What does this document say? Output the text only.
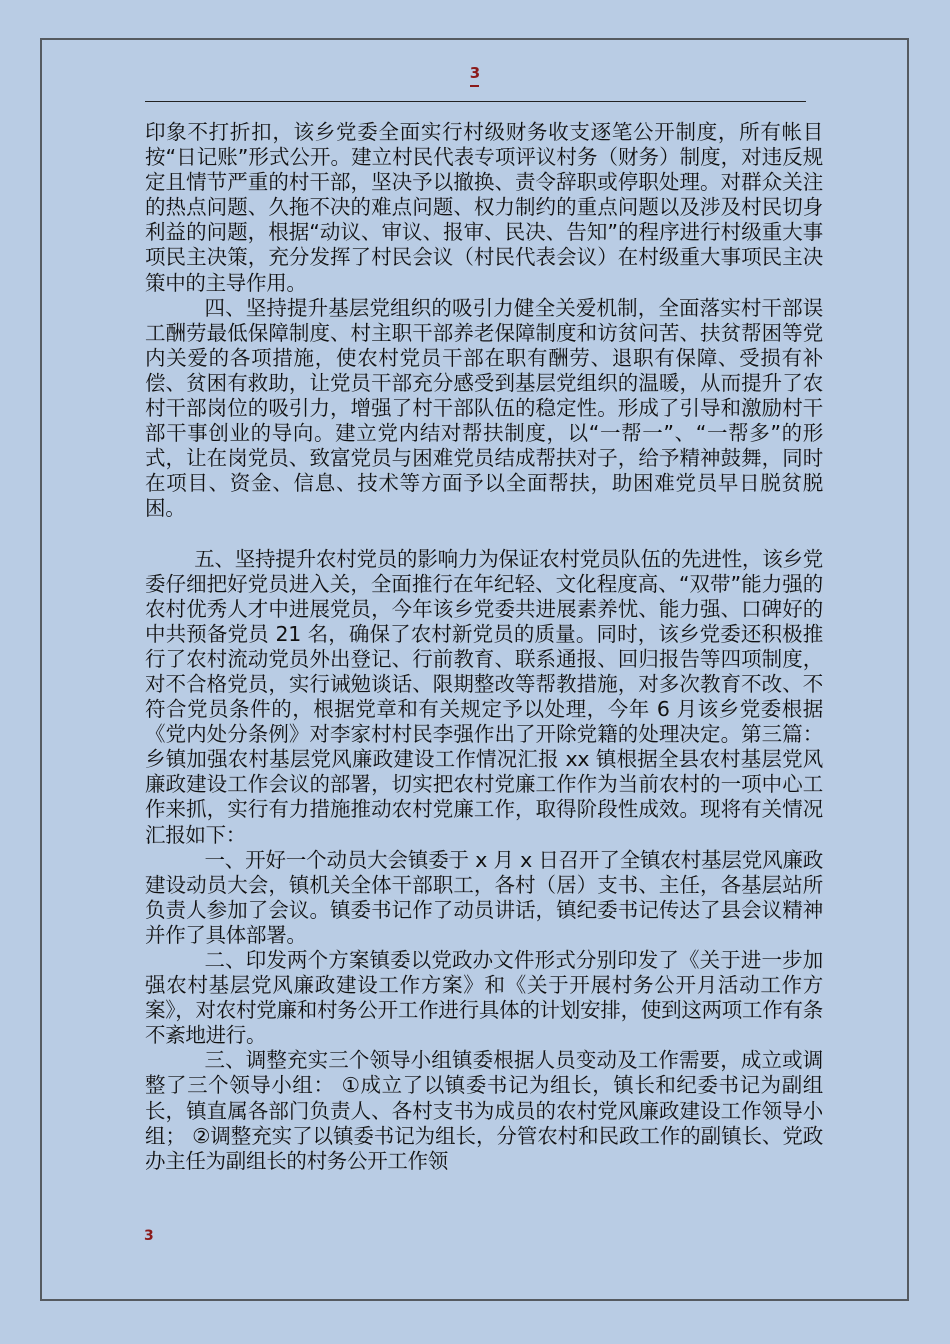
3

印象不打折扣，该乡党委全面实行村级财务收支逐笔公开制度，所有帐目按“日记账”形式公开。建立村民代表专项评议村务（财务）制度，对违反规定且情节严重的村干部，坚决予以撤换、责令辞职或停职处理。对群众关注的热点问题、久拖不决的难点问题、权力制约的重点问题以及涉及村民切身利益的问题，根据“动议、审议、报审、民决、告知”的程序进行村级重大事项民主决策，充分发挥了村民会议（村民代表会议）在村级重大事项民主决策中的主导作用。

四、坚持提升基层党组织的吸引力健全关爱机制，全面落实村干部误工酬劳最低保障制度、村主职干部养老保障制度和访贫问苦、扶贫帮困等党内关爱的各项措施，使农村党员干部在职有酬劳、退职有保障、受损有补偿、贫困有救助，让党员干部充分感受到基层党组织的温暖，从而提升了农村干部岗位的吸引力，增强了村干部队伍的稳定性。形成了引导和激励村干部干事创业的导向。建立党内结对帮扶制度，以“一帮一”、“一帮多”的形式，让在岗党员、致富党员与困难党员结成帮扶对子，给予精神鼓舞，同时在项目、资金、信息、技术等方面予以全面帮扶，助困难党员早日脱贫脱困。

五、坚持提升农村党员的影响力为保证农村党员队伍的先进性，该乡党委仔细把好党员进入关，全面推行在年纪轻、文化程度高、“双带”能力强的农村优秀人才中进展党员，今年该乡党委共进展素养忧、能力强、口碑好的中共预备党员 21 名，确保了农村新党员的质量。同时，该乡党委还积极推行了农村流动党员外出登记、行前教育、联系通报、回归报告等四项制度，对不合格党员，实行诫勉谈话、限期整改等帮教措施，对多次教育不改、不符合党员条件的，根据党章和有关规定予以处理，今年 6 月该乡党委根据《党内处分条例》对李家村村民李强作出了开除党籍的处理决定。第三篇：乡镇加强农村基层党风廉政建设工作情况汇报 xx 镇根据全县农村基层党风廉政建设工作会议的部署，切实把农村党廉工作作为当前农村的一项中心工作来抓，实行有力措施推动农村党廉工作，取得阶段性成效。现将有关情况汇报如下：

一、开好一个动员大会镇委于 x 月 x 日召开了全镇农村基层党风廉政建设动员大会，镇机关全体干部职工，各村（居）支书、主任，各基层站所负责人参加了会议。镇委书记作了动员讲话，镇纪委书记传达了县会议精神并作了具体部署。

二、印发两个方案镇委以党政办文件形式分别印发了《关于进一步加强农村基层党风廉政建设工作方案》和《关于开展村务公开月活动工作方案》，对农村党廉和村务公开工作进行具体的计划安排，使到这两项工作有条不紊地进行。

三、调整充实三个领导小组镇委根据人员变动及工作需要，成立或调整了三个领导小组： ①成立了以镇委书记为组长，镇长和纪委书记为副组长，镇直属各部门负责人、各村支书为成员的农村党风廉政建设工作领导小组； ②调整充实了以镇委书记为组长，分管农村和民政工作的副镇长、党政办主任为副组长的村务公开工作领

3
